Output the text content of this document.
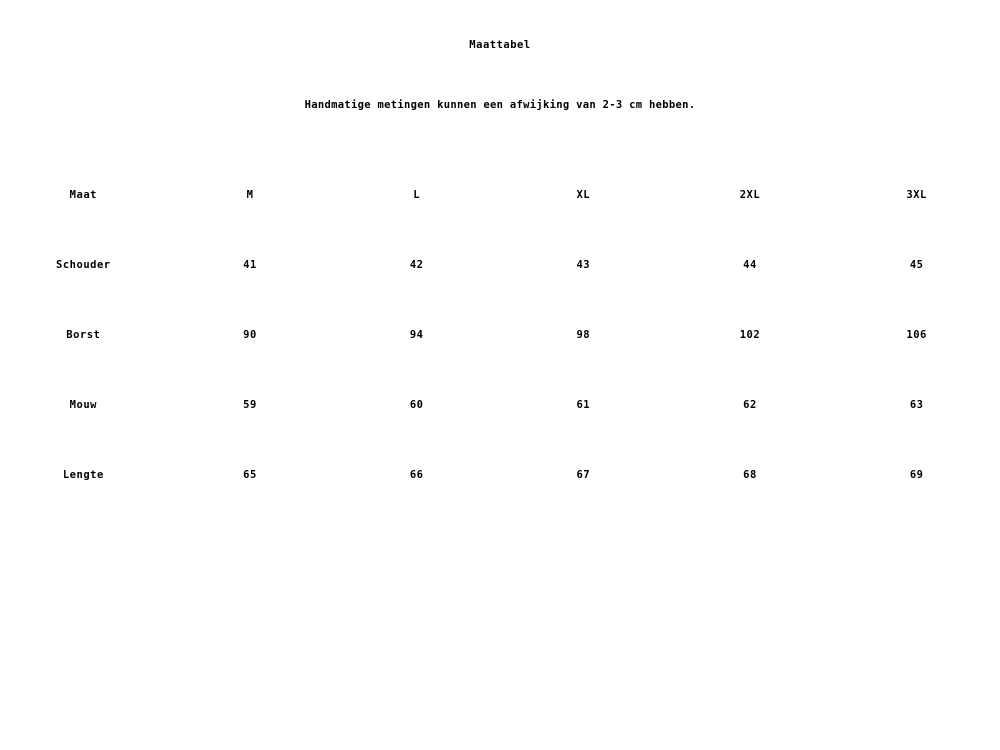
Maattabel
Handmatige metingen kunnen een afwijking van 2-3 cm hebben.
Maat	M	L	XL	2XL	3XL
Schouder	41	42	43	44	45
Borst	90	94	98	102	106
Mouw	59	60	61	62	63
Lengte	65	66	67	68	69
